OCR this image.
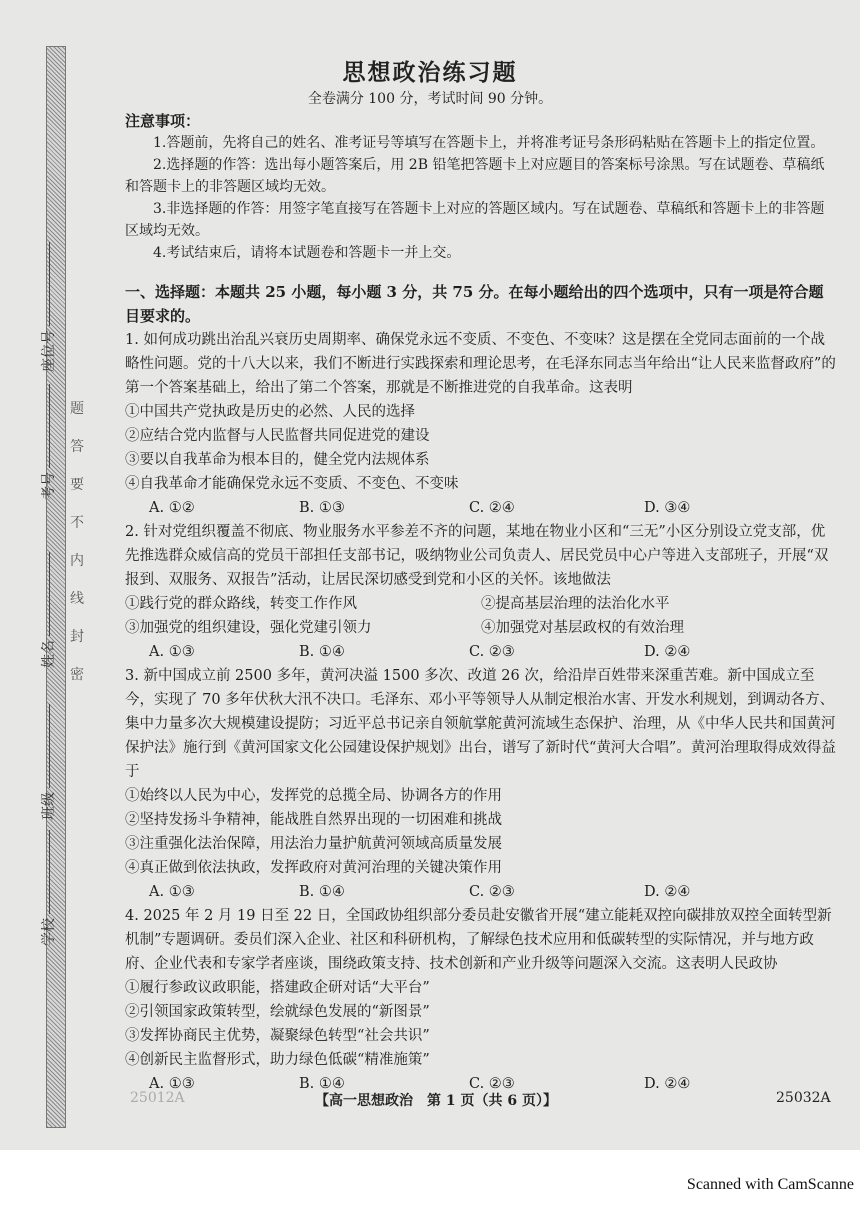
学校
班级
姓名
考号
座位号
题
答
要
不
内
线
封
密
思想政治练习题
全卷满分 100 分，考试时间 90 分钟。
注意事项：

1.答题前，先将自己的姓名、准考证号等填写在答题卡上，并将准考证号条形码粘贴在答题卡上的指定位置。

2.选择题的作答：选出每小题答案后，用 2B 铅笔把答题卡上对应题目的答案标号涂黑。写在试题卷、草稿纸和答题卡上的非答题区域均无效。

3.非选择题的作答：用签字笔直接写在答题卡上对应的答题区域内。写在试题卷、草稿纸和答题卡上的非答题区域均无效。

4.考试结束后，请将本试题卷和答题卡一并上交。

一、选择题：本题共 25 小题，每小题 3 分，共 75 分。在每小题给出的四个选项中，只有一项是符合题目要求的。

1. 如何成功跳出治乱兴衰历史周期率、确保党永远不变质、不变色、不变味？这是摆在全党同志面前的一个战略性问题。党的十八大以来，我们不断进行实践探索和理论思考，在毛泽东同志当年给出“让人民来监督政府”的第一个答案基础上，给出了第二个答案，那就是不断推进党的自我革命。这表明

①中国共产党执政是历史的必然、人民的选择

②应结合党内监督与人民监督共同促进党的建设

③要以自我革命为根本目的，健全党内法规体系

④自我革命才能确保党永远不变质、不变色、不变味

A. ①②	B. ①③	C. ②④	D. ③④

2. 针对党组织覆盖不彻底、物业服务水平参差不齐的问题，某地在物业小区和“三无”小区分别设立党支部，优先推选群众威信高的党员干部担任支部书记，吸纳物业公司负责人、居民党员中心户等进入支部班子，开展“双报到、双服务、双报告”活动，让居民深切感受到党和小区的关怀。该地做法

①践行党的群众路线，转变工作作风	②提高基层治理的法治化水平
③加强党的组织建设，强化党建引领力	④加强党对基层政权的有效治理
A. ①③	B. ①④	C. ②③	D. ②④

3. 新中国成立前 2500 多年，黄河决溢 1500 多次、改道 26 次，给沿岸百姓带来深重苦难。新中国成立至今，实现了 70 多年伏秋大汛不决口。毛泽东、邓小平等领导人从制定根治水害、开发水利规划，到调动各方、集中力量多次大规模建设提防；习近平总书记亲自领航掌舵黄河流域生态保护、治理，从《中华人民共和国黄河保护法》施行到《黄河国家文化公园建设保护规划》出台，谱写了新时代“黄河大合唱”。黄河治理取得成效得益于

①始终以人民为中心，发挥党的总揽全局、协调各方的作用

②坚持发扬斗争精神，能战胜自然界出现的一切困难和挑战

③注重强化法治保障，用法治力量护航黄河领域高质量发展

④真正做到依法执政，发挥政府对黄河治理的关键决策作用

A. ①③	B. ①④	C. ②③	D. ②④

4. 2025 年 2 月 19 日至 22 日，全国政协组织部分委员赴安徽省开展“建立能耗双控向碳排放双控全面转型新机制”专题调研。委员们深入企业、社区和科研机构，了解绿色技术应用和低碳转型的实际情况，并与地方政府、企业代表和专家学者座谈，围绕政策支持、技术创新和产业升级等问题深入交流。这表明人民政协

①履行参政议政职能，搭建政企研对话“大平台”

②引领国家政策转型，绘就绿色发展的“新图景”

③发挥协商民主优势，凝聚绿色转型“社会共识”

④创新民主监督形式，助力绿色低碳“精准施策”

A. ①③	B. ①④	C. ②③	D. ②④
25012A	【高一思想政治　第 1 页（共 6 页）】	25032A
Scanned with CamScanne
